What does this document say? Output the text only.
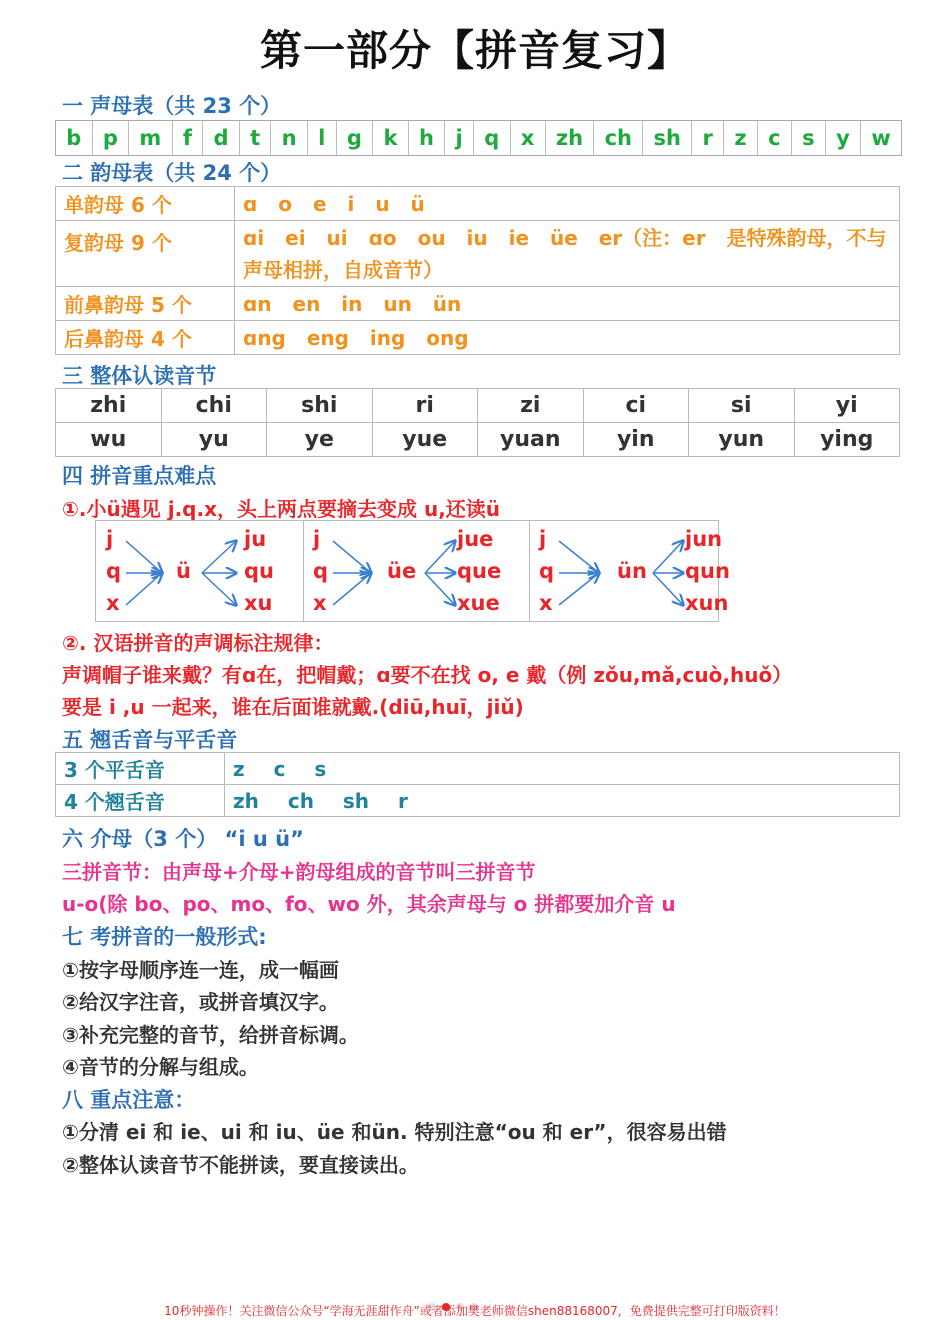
第一部分【拼音复习】
一 声母表（共 23 个）
b	p	m	f	d	t	n	l	g	k	h	j	q	x	zh	ch	sh	r	z	c	s	y	w
二 韵母表（共 24 个）
单韵母 6 个	ɑ o e i u ü
复韵母 9 个	ɑi ei ui ɑo ou iu ie üe er（注：er 是特殊韵母，不与声母相拼，自成音节）
前鼻韵母 5 个	ɑn en in un ün
后鼻韵母 4 个	ɑng eng ing ong
三 整体认读音节
zhi	chi	shi	ri	zi	ci	si	yi
wu	yu	ye	yue	yuan	yin	yun	ying
四 拼音重点难点
①.小ü遇见 j.q.x，头上两点要摘去变成 u,还读ü
j
q
x
ü
ju
qu
xu
j
q
x
üe
jue
que
xue
j
q
x
ün
jun
qun
xun
②. 汉语拼音的声调标注规律：
声调帽子谁来戴？有ɑ在，把帽戴；ɑ要不在找 o, e 戴（例 zǒu,mǎ,cuò,huǒ）
要是 i ,u 一起来，谁在后面谁就戴.(diū,huī，jiǔ)
五 翘舌音与平舌音
3 个平舌音	z c s
4 个翘舌音	zh ch sh r
六 介母（3 个） “i u ü”
三拼音节：由声母+介母+韵母组成的音节叫三拼音节
u-o(除 bo、po、mo、fo、wo 外，其余声母与 o 拼都要加介音 u
七 考拼音的一般形式:
①按字母顺序连一连，成一幅画
②给汉字注音，或拼音填汉字。
③补充完整的音节，给拼音标调。
④音节的分解与组成。
八 重点注意：
①分清 ei 和 ie、ui 和 iu、üe 和ün. 特别注意“ou 和 er”，很容易出错
②整体认读音节不能拼读，要直接读出。
10秒钟操作！关注微信公众号“学海无涯甜作舟”或者添加樊老师微信shen88168007，免费提供完整可打印版资料！
